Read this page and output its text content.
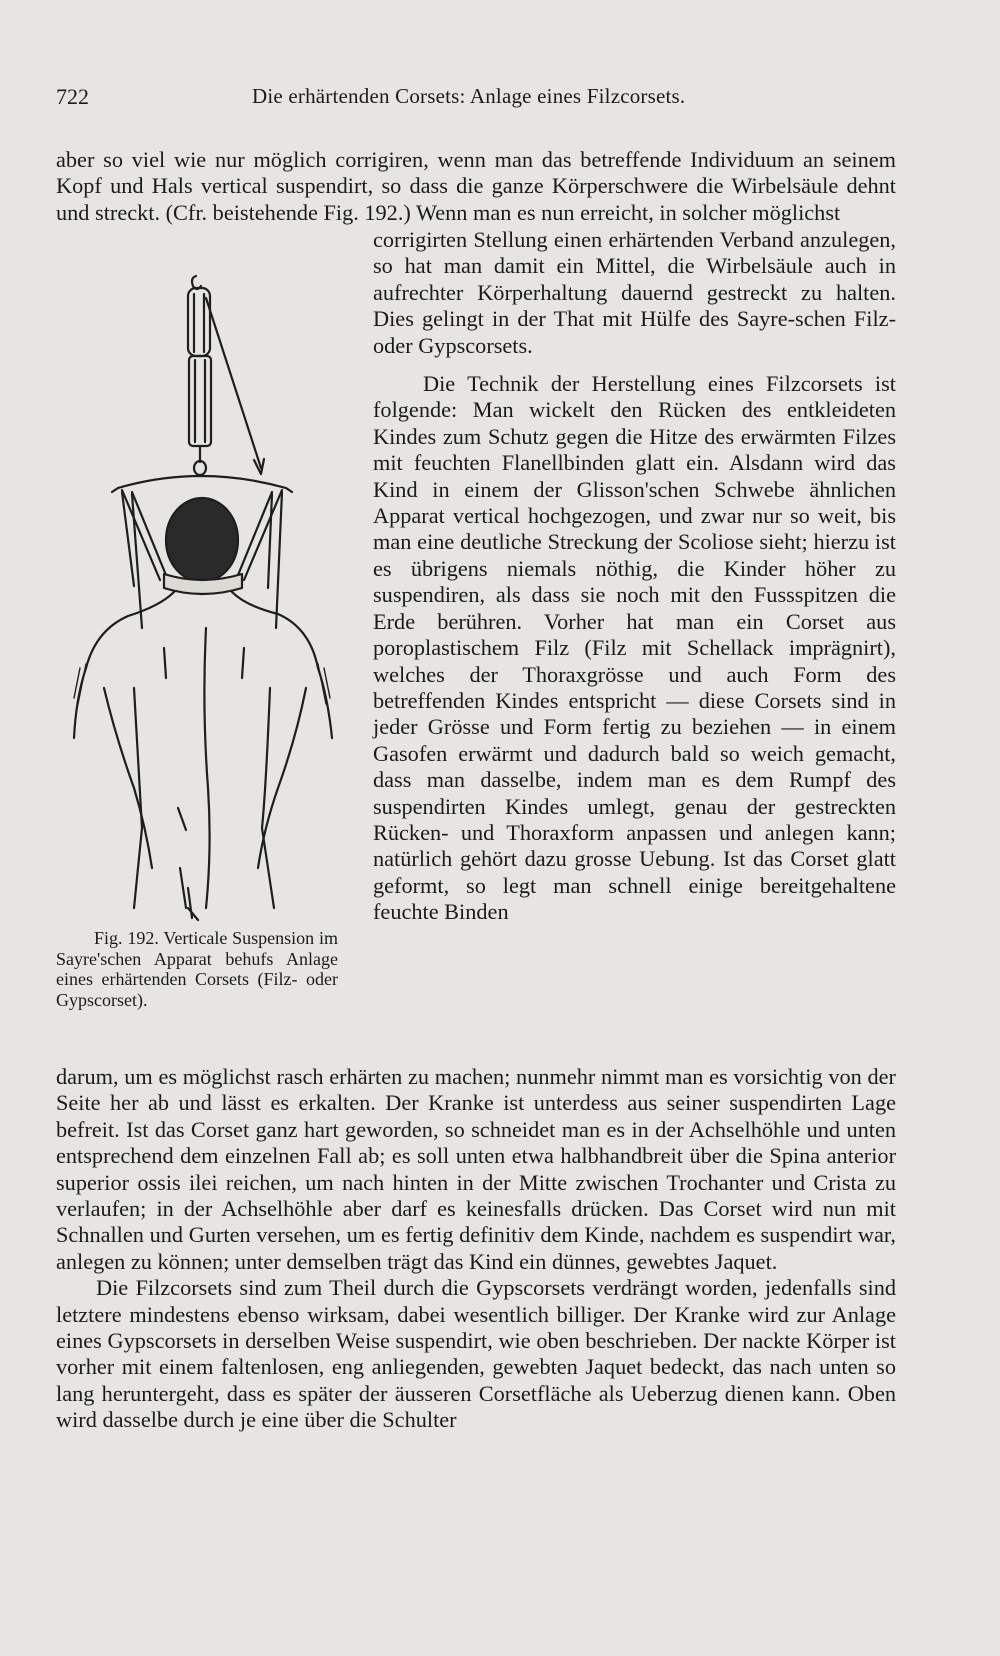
722	Die erhärtenden Corsets: Anlage eines Filzcorsets.
aber so viel wie nur möglich corrigiren, wenn man das betreffende Individuum an seinem Kopf und Hals vertical suspendirt, so dass die ganze Körperschwere die Wirbelsäule dehnt und streckt. (Cfr. beistehende Fig. 192.) Wenn man es nun erreicht, in solcher möglichst

corrigirten Stellung einen erhärtenden Verband anzulegen, so hat man damit ein Mittel, die Wirbelsäule auch in aufrechter Körperhaltung dauernd gestreckt zu halten. Dies gelingt in der That mit Hülfe des Sayre-schen Filz- oder Gypscorsets.

Die Technik der Herstellung eines Filzcorsets ist folgende: Man wickelt den Rücken des entkleideten Kindes zum Schutz gegen die Hitze des erwärmten Filzes mit feuchten Flanellbinden glatt ein. Alsdann wird das Kind in einem der Glisson'schen Schwebe ähnlichen Apparat vertical hochgezogen, und zwar nur so weit, bis man eine deutliche Streckung der Scoliose sieht; hierzu ist es übrigens niemals nöthig, die Kinder höher zu suspendiren, als dass sie noch mit den Fussspitzen die Erde berühren. Vorher hat man ein Corset aus poroplastischem Filz (Filz mit Schellack imprägnirt), welches der Thoraxgrösse und auch Form des betreffenden Kindes entspricht — diese Corsets sind in jeder Grösse und Form fertig zu beziehen — in einem Gasofen erwärmt und dadurch bald so weich gemacht, dass man dasselbe, indem man es dem Rumpf des suspendirten Kindes umlegt, genau der gestreckten Rücken- und Thoraxform anpassen und anlegen kann; natürlich gehört dazu grosse Uebung. Ist das Corset glatt geformt, so legt man schnell einige bereitgehaltene feuchte Binden

Fig. 192. Verticale Suspension im Sayre'schen Apparat behufs Anlage eines erhärtenden Corsets (Filz- oder Gypscorset).

darum, um es möglichst rasch erhärten zu machen; nunmehr nimmt man es vorsichtig von der Seite her ab und lässt es erkalten. Der Kranke ist unterdess aus seiner suspendirten Lage befreit. Ist das Corset ganz hart geworden, so schneidet man es in der Achselhöhle und unten entsprechend dem einzelnen Fall ab; es soll unten etwa halbhandbreit über die Spina anterior superior ossis ilei reichen, um nach hinten in der Mitte zwischen Trochanter und Crista zu verlaufen; in der Achselhöhle aber darf es keinesfalls drücken. Das Corset wird nun mit Schnallen und Gurten versehen, um es fertig definitiv dem Kinde, nachdem es suspendirt war, anlegen zu können; unter demselben trägt das Kind ein dünnes, gewebtes Jaquet.

Die Filzcorsets sind zum Theil durch die Gypscorsets verdrängt worden, jedenfalls sind letztere mindestens ebenso wirksam, dabei wesentlich billiger. Der Kranke wird zur Anlage eines Gypscorsets in derselben Weise suspendirt, wie oben beschrieben. Der nackte Körper ist vorher mit einem faltenlosen, eng anliegenden, gewebten Jaquet bedeckt, das nach unten so lang heruntergeht, dass es später der äusseren Corsetfläche als Ueberzug dienen kann. Oben wird dasselbe durch je eine über die Schulter
